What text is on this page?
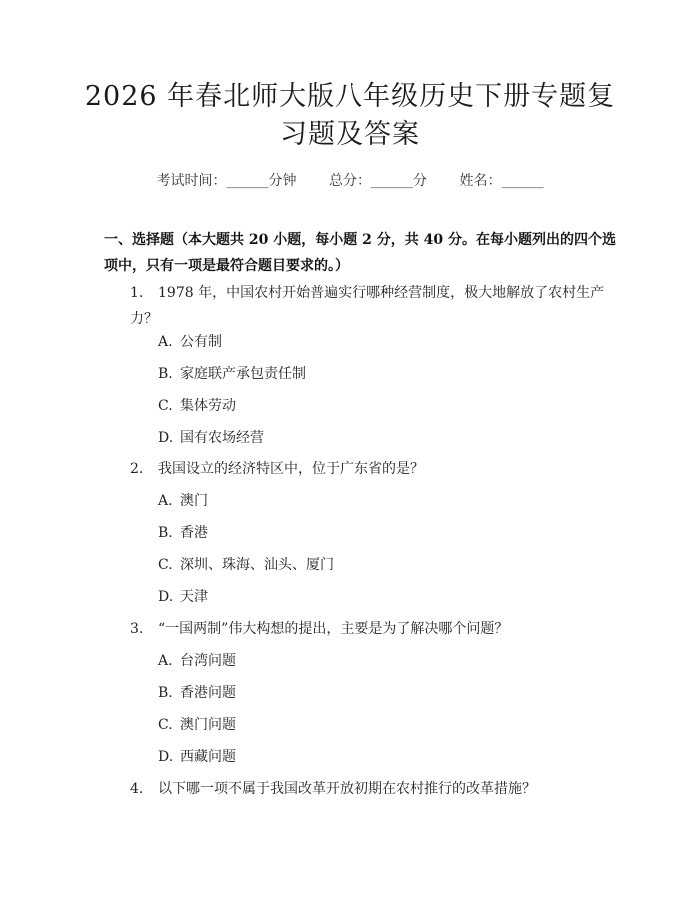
2026 年春北师大版八年级历史下册专题复习题及答案
考试时间：______分钟 总分：______分 姓名：______
一、选择题（本大题共 20 小题，每小题 2 分，共 40 分。在每小题列出的四个选项中，只有一项是最符合题目要求的。）
1. 1978 年，中国农村开始普遍实行哪种经营制度，极大地解放了农村生产力？
A. 公有制
B. 家庭联产承包责任制
C. 集体劳动
D. 国有农场经营
2. 我国设立的经济特区中，位于广东省的是？
A. 澳门
B. 香港
C. 深圳、珠海、汕头、厦门
D. 天津
3. “一国两制”伟大构想的提出，主要是为了解决哪个问题？
A. 台湾问题
B. 香港问题
C. 澳门问题
D. 西藏问题
4. 以下哪一项不属于我国改革开放初期在农村推行的改革措施？
